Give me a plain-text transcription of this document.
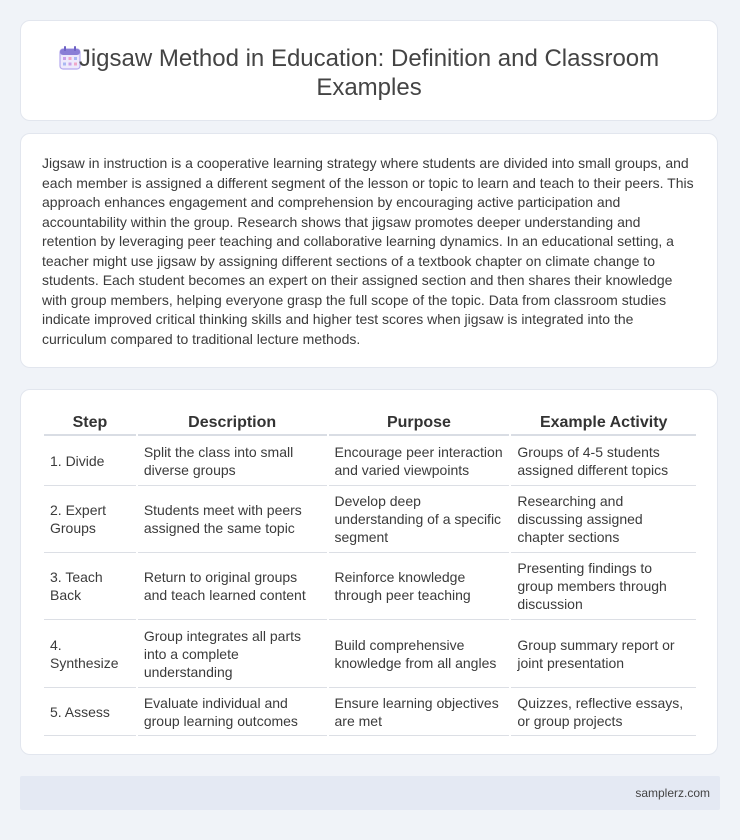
Jigsaw Method in Education: Definition and Classroom Examples
Jigsaw in instruction is a cooperative learning strategy where students are divided into small groups, and each member is assigned a different segment of the lesson or topic to learn and teach to their peers. This approach enhances engagement and comprehension by encouraging active participation and accountability within the group. Research shows that jigsaw promotes deeper understanding and retention by leveraging peer teaching and collaborative learning dynamics. In an educational setting, a teacher might use jigsaw by assigning different sections of a textbook chapter on climate change to students. Each student becomes an expert on their assigned section and then shares their knowledge with group members, helping everyone grasp the full scope of the topic. Data from classroom studies indicate improved critical thinking skills and higher test scores when jigsaw is integrated into the curriculum compared to traditional lecture methods.
Step	Description	Purpose	Example Activity
1. Divide	Split the class into small diverse groups	Encourage peer interaction and varied viewpoints	Groups of 4-5 students assigned different topics
2. Expert Groups	Students meet with peers assigned the same topic	Develop deep understanding of a specific segment	Researching and discussing assigned chapter sections
3. Teach Back	Return to original groups and teach learned content	Reinforce knowledge through peer teaching	Presenting findings to group members through discussion
4. Synthesize	Group integrates all parts into a complete understanding	Build comprehensive knowledge from all angles	Group summary report or joint presentation
5. Assess	Evaluate individual and group learning outcomes	Ensure learning objectives are met	Quizzes, reflective essays, or group projects
samplerz.com
